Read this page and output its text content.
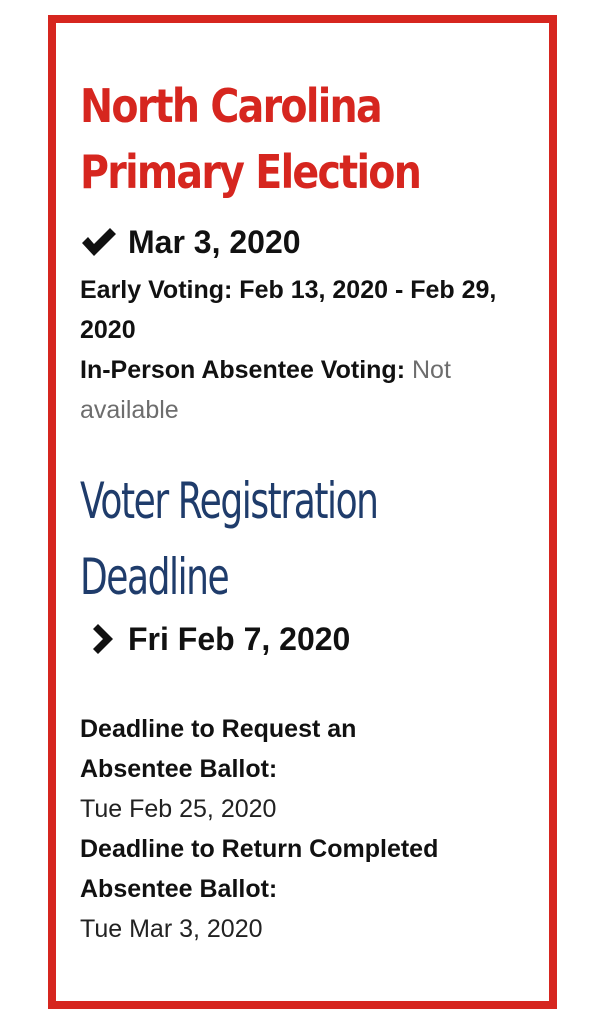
North Carolina
Primary Election
Mar 3, 2020
Early Voting: Feb 13, 2020 - Feb 29, 2020
In-Person Absentee Voting: Not available
Voter Registration
Deadline
Fri Feb 7, 2020
Deadline to Request an
Absentee Ballot:
Tue Feb 25, 2020
Deadline to Return Completed
Absentee Ballot:
Tue Mar 3, 2020
